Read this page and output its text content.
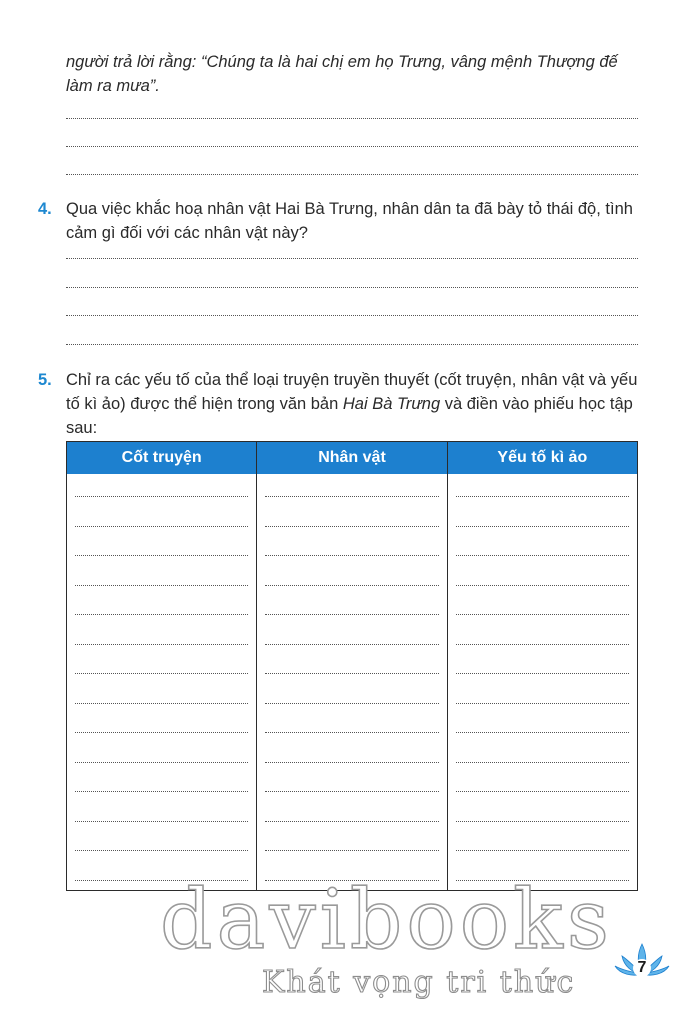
người trả lời rằng: “Chúng ta là hai chị em họ Trưng, vâng mệnh Thượng đế làm ra mưa”.
4. Qua việc khắc hoạ nhân vật Hai Bà Trưng, nhân dân ta đã bày tỏ thái độ, tình cảm gì đối với các nhân vật này?
5. Chỉ ra các yếu tố của thể loại truyện truyền thuyết (cốt truyện, nhân vật và yếu tố kì ảo) được thể hiện trong văn bản Hai Bà Trưng và điền vào phiếu học tập sau:
Cốt truyện	Nhân vật	Yếu tố kì ảo
davibooks
Khát vọng tri thức	7
